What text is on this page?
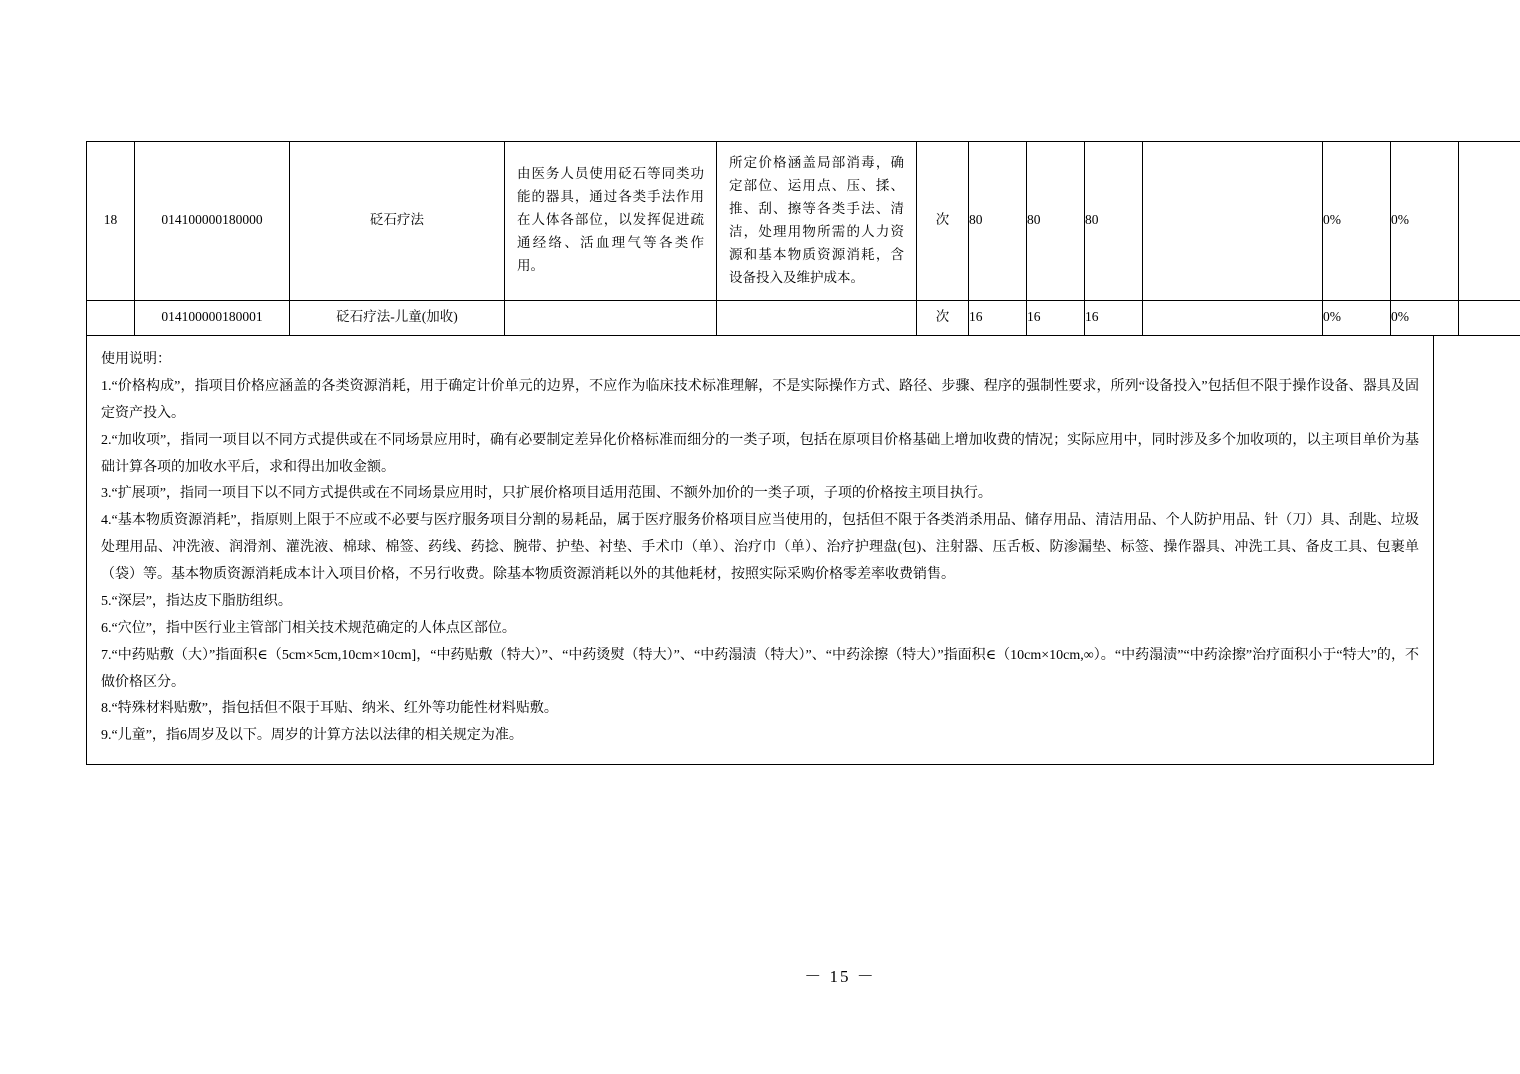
18	014100000180000	砭石疗法	由医务人员使用砭石等同类功能的器具，通过各类手法作用在人体各部位，以发挥促进疏通经络、活血理气等各类作用。	所定价格涵盖局部消毒，确定部位、运用点、压、揉、推、刮、擦等各类手法、清洁，处理用物所需的人力资源和基本物质资源消耗，含设备投入及维护成本。	次	80	80	80		0%	0%	
	014100000180001	砭石疗法-儿童(加收)			次	16	16	16		0%	0%	

使用说明：

1.“价格构成”，指项目价格应涵盖的各类资源消耗，用于确定计价单元的边界，不应作为临床技术标准理解，不是实际操作方式、路径、步骤、程序的强制性要求，所列“设备投入”包括但不限于操作设备、器具及固定资产投入。

2.“加收项”，指同一项目以不同方式提供或在不同场景应用时，确有必要制定差异化价格标准而细分的一类子项，包括在原项目价格基础上增加收费的情况；实际应用中，同时涉及多个加收项的，以主项目单价为基础计算各项的加收水平后，求和得出加收金额。

3.“扩展项”，指同一项目下以不同方式提供或在不同场景应用时，只扩展价格项目适用范围、不额外加价的一类子项，子项的价格按主项目执行。

4.“基本物质资源消耗”，指原则上限于不应或不必要与医疗服务项目分割的易耗品，属于医疗服务价格项目应当使用的，包括但不限于各类消杀用品、储存用品、清洁用品、个人防护用品、针（刀）具、刮匙、垃圾处理用品、冲洗液、润滑剂、灌洗液、棉球、棉签、药线、药捻、腕带、护垫、衬垫、手术巾（单）、治疗巾（单）、治疗护理盘(包)、注射器、压舌板、防渗漏垫、标签、操作器具、冲洗工具、备皮工具、包裹单（袋）等。基本物质资源消耗成本计入项目价格，不另行收费。除基本物质资源消耗以外的其他耗材，按照实际采购价格零差率收费销售。

5.“深层”，指达皮下脂肪组织。

6.“穴位”，指中医行业主管部门相关技术规范确定的人体点区部位。

7.“中药贴敷（大）”指面积∈（5cm×5cm,10cm×10cm]，“中药贴敷（特大）”、“中药烫熨（特大）”、“中药溻渍（特大）”、“中药涂擦（特大）”指面积∈（10cm×10cm,∞）。“中药溻渍”“中药涂擦”治疗面积小于“特大”的，不做价格区分。

8.“特殊材料贴敷”，指包括但不限于耳贴、纳米、红外等功能性材料贴敷。

9.“儿童”，指6周岁及以下。周岁的计算方法以法律的相关规定为准。

－ 15 －
